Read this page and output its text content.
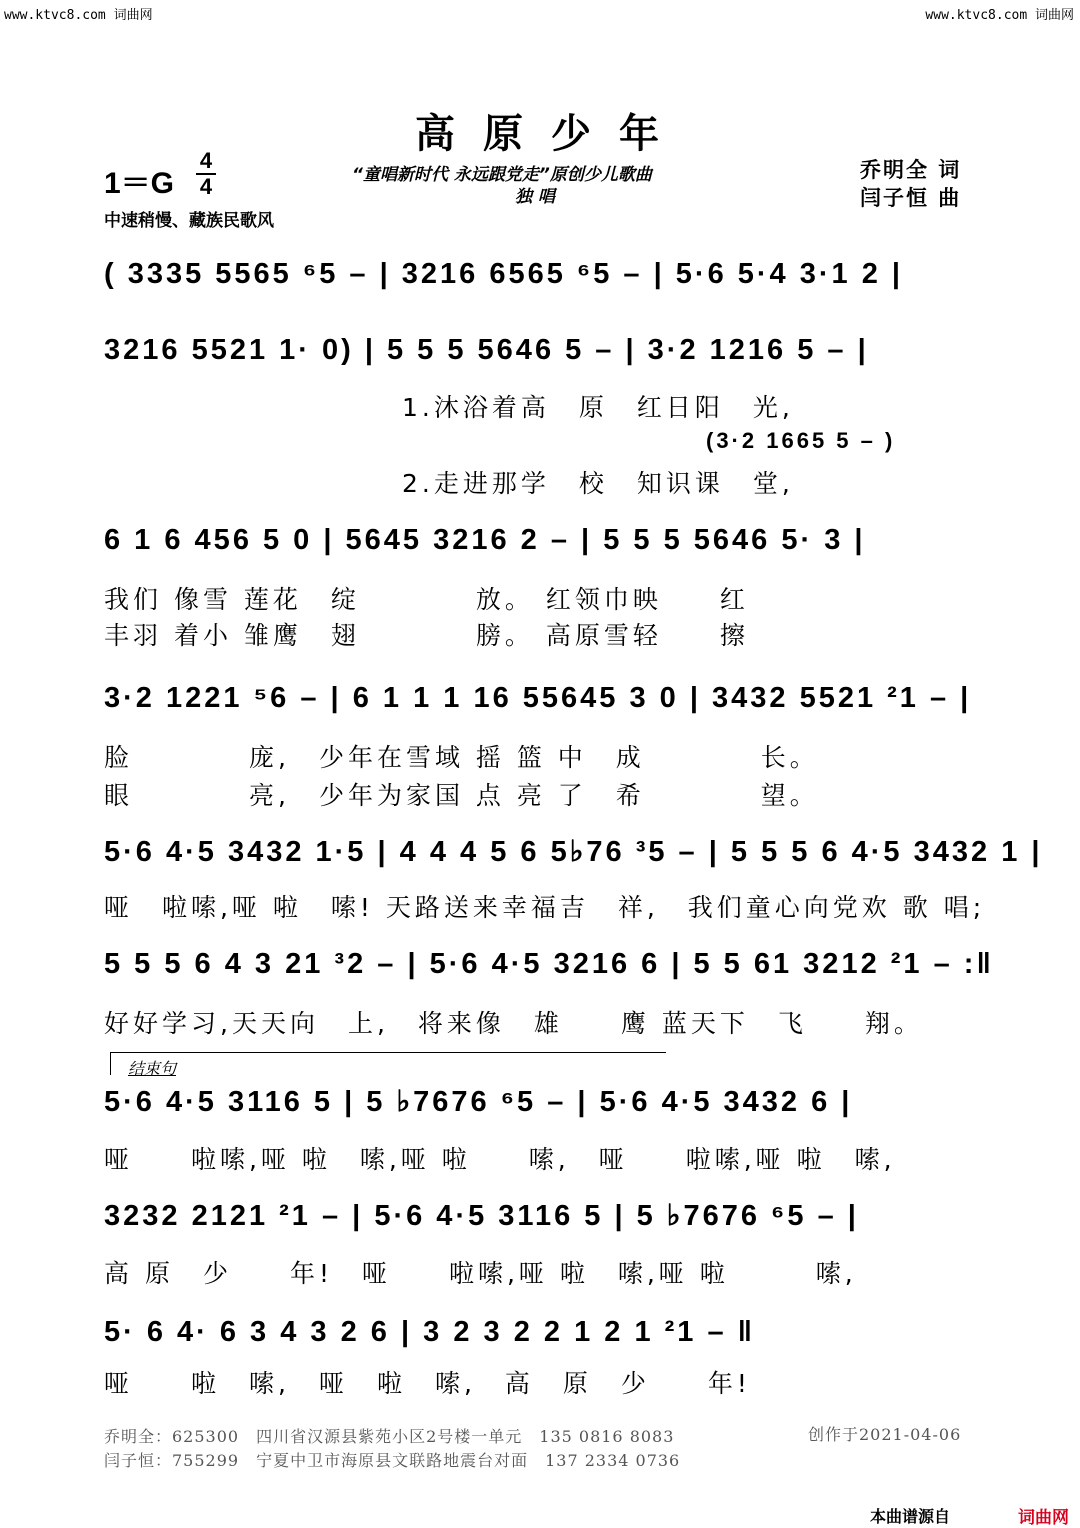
www.ktvc8.com 词曲网	www.ktvc8.com 词曲网
高原少年
1＝G
4
4	“童唱新时代 永远跟党走”原创少儿歌曲
独 唱
乔明全 词
闫子恒 曲
中速稍慢、藏族民歌风
( 3335 5565 ⁶5 – | 3216 6565 ⁶5 – | 5·6 5·4 3·1 2 |
3216 5521 1· 0) | 5 5 5 5646 5 – | 3·2 1216 5 – |
1.沐浴着高　原　红日阳　光,
(3·2 1665 5 – )
2.走进那学　校　知识课　堂,
6 1 6 456 5 0 | 5645 3216 2 – | 5 5 5 5646 5· 3 |
我们 像雪 莲花　绽　　　　放。 红领巾映　　红
丰羽 着小 雏鹰　翅　　　　膀。 高原雪轻　　擦
3·2 1221 ⁵6 – | 6 1 1 1 16 55645 3 0 | 3432 5521 ²1 – |
脸　　　　庞,　少年在雪域 摇 篮 中　成　　　　长。
眼　　　　亮,　少年为家国 点 亮 了　希　　　　望。
5·6 4·5 3432 1·5 | 4 4 4 5 6 5♭76 ³5 – | 5 5 5 6 4·5 3432 1 |
哑　啦嗦,哑 啦　嗦! 天路送来幸福吉　祥,　我们童心向党欢 歌 唱;
5 5 5 6 4 3 21 ³2 – | 5·6 4·5 3216 6 | 5 5 61 3212 ²1 – :‖
好好学习,天天向　上,　将来像　雄　　鹰 蓝天下　飞　　翔。
结束句
5·6 4·5 3116 5 | 5 ♭7676 ⁶5 – | 5·6 4·5 3432 6 |
哑　　啦嗦,哑 啦　嗦,哑 啦　　嗦,　哑　　啦嗦,哑 啦　嗦,
3232 2121 ²1 – | 5·6 4·5 3116 5 | 5 ♭7676 ⁶5 – |
高 原　少　　年!　哑　　啦嗦,哑 啦　嗦,哑 啦　　　嗦,
5· 6 4· 6 3 4 3 2 6 | 3 2 3 2 2 1 2 1 ²1 – ‖
哑　　啦　嗦,　哑　啦　嗦,　高　原　少　　年!
乔明全：625300　四川省汉源县紫苑小区2号楼一单元　135 0816 8083
闫子恒：755299　宁夏中卫市海原县文联路地震台对面　137 2334 0736
创作于2021-04-06
本曲谱源自	词曲网
